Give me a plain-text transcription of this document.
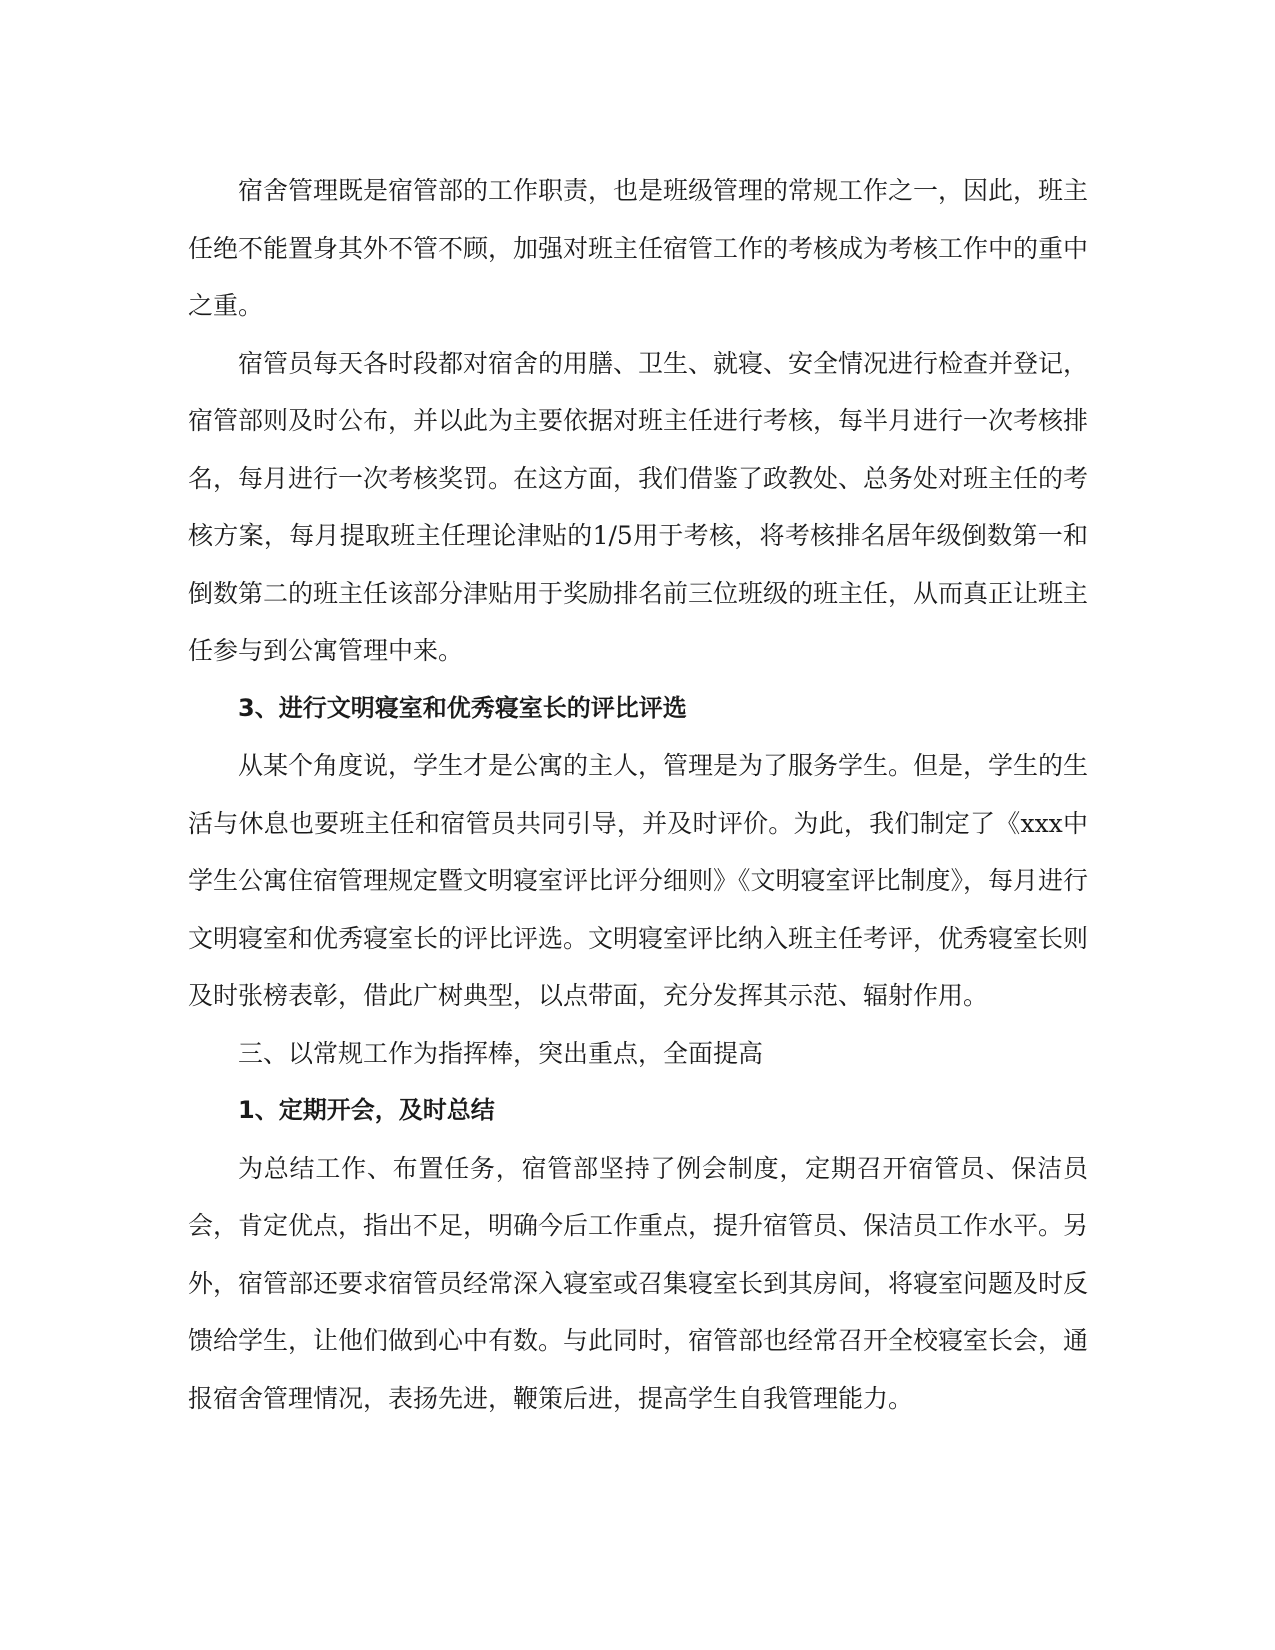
宿舍管理既是宿管部的工作职责，也是班级管理的常规工作之一，因此，班主任绝不能置身其外不管不顾，加强对班主任宿管工作的考核成为考核工作中的重中之重。

宿管员每天各时段都对宿舍的用膳、卫生、就寝、安全情况进行检查并登记，宿管部则及时公布，并以此为主要依据对班主任进行考核，每半月进行一次考核排名，每月进行一次考核奖罚。在这方面，我们借鉴了政教处、总务处对班主任的考核方案，每月提取班主任理论津贴的1/5用于考核，将考核排名居年级倒数第一和倒数第二的班主任该部分津贴用于奖励排名前三位班级的班主任，从而真正让班主任参与到公寓管理中来。

3、进行文明寝室和优秀寝室长的评比评选

从某个角度说，学生才是公寓的主人，管理是为了服务学生。但是，学生的生活与休息也要班主任和宿管员共同引导，并及时评价。为此，我们制定了《xxx中学生公寓住宿管理规定暨文明寝室评比评分细则》《文明寝室评比制度》，每月进行文明寝室和优秀寝室长的评比评选。文明寝室评比纳入班主任考评，优秀寝室长则及时张榜表彰，借此广树典型，以点带面，充分发挥其示范、辐射作用。

三、以常规工作为指挥棒，突出重点，全面提高

1、定期开会，及时总结

为总结工作、布置任务，宿管部坚持了例会制度，定期召开宿管员、保洁员会，肯定优点，指出不足，明确今后工作重点，提升宿管员、保洁员工作水平。另外，宿管部还要求宿管员经常深入寝室或召集寝室长到其房间，将寝室问题及时反馈给学生，让他们做到心中有数。与此同时，宿管部也经常召开全校寝室长会，通报宿舍管理情况，表扬先进，鞭策后进，提高学生自我管理能力。
